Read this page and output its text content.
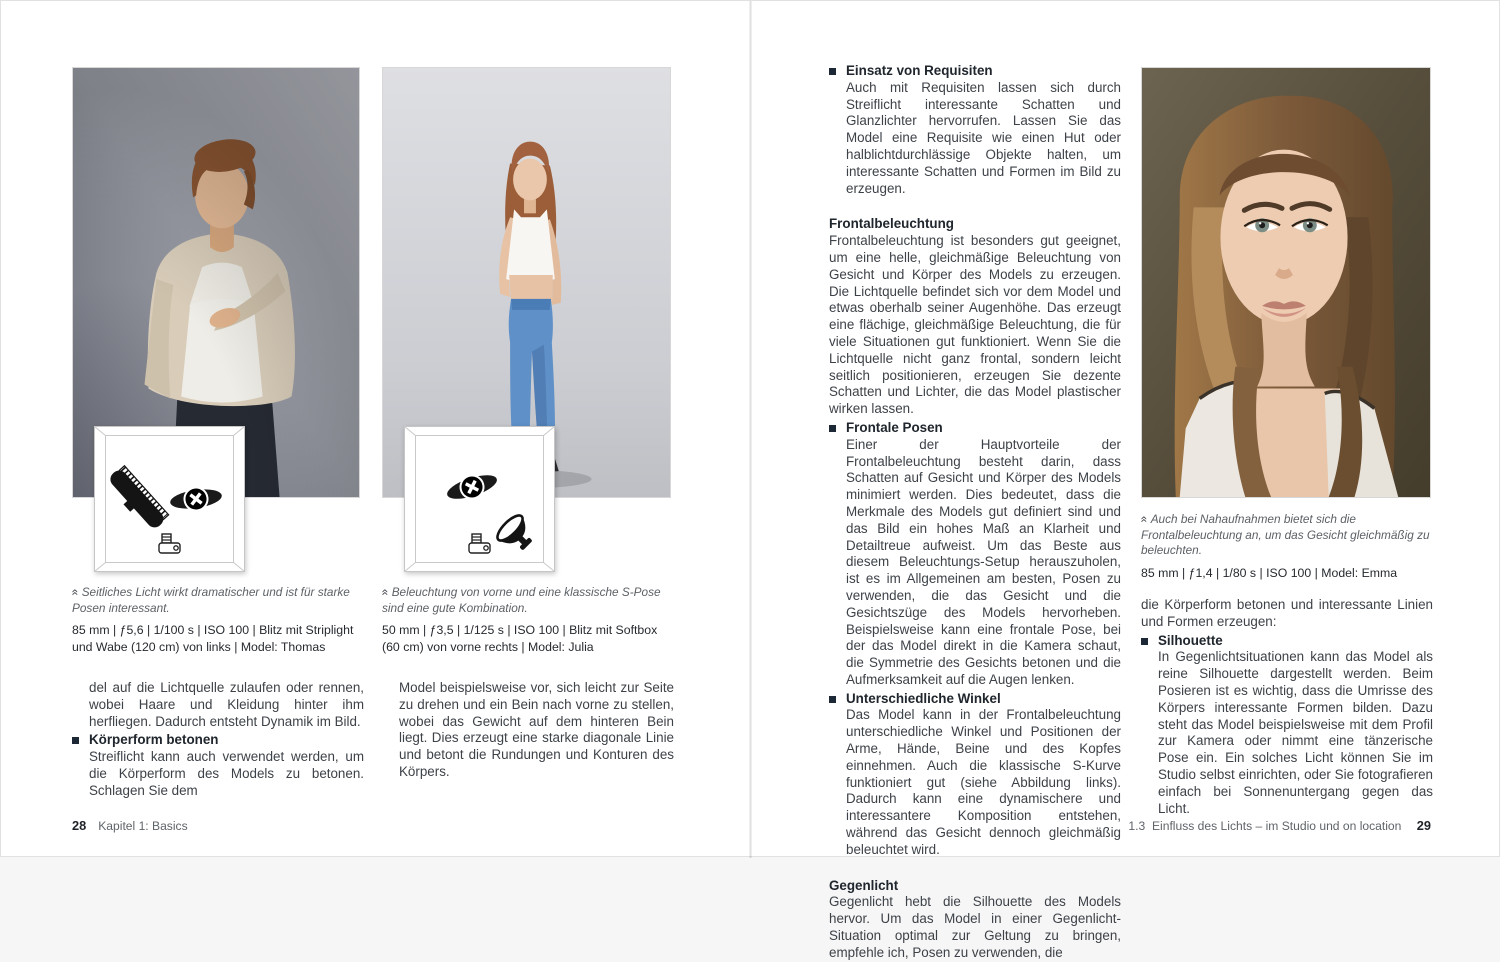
«Seitliches Licht wirkt dramatischer und ist für starke Posen interessant.
85 mm | ƒ5,6 | 1/100 s | ISO 100 | Blitz mit Striplight und Wabe (120 cm) von links | Model: Thomas
«Beleuchtung von vorne und eine klassische S-Pose sind eine gute Kombination.
50 mm | ƒ3,5 | 1/125 s | ISO 100 | Blitz mit Softbox (60 cm) von vorne rechts | Model: Julia
del auf die Lichtquelle zulaufen oder rennen, wobei Haare und Kleidung hinter ihm herfliegen. Dadurch entsteht Dynamik im Bild.
Körperform betonen
Streiflicht kann auch verwendet werden, um die Körperform des Models zu betonen. Schlagen Sie dem
Model beispielsweise vor, sich leicht zur Seite zu drehen und ein Bein nach vorne zu stellen, wobei das Gewicht auf dem hinteren Bein liegt. Dies erzeugt eine starke diagonale Linie und betont die Rundungen und Konturen des Körpers.
28 Kapitel 1: Basics
Einsatz von Requisiten
Auch mit Requisiten lassen sich durch Streiflicht interessante Schatten und Glanzlichter hervorrufen. Lassen Sie das Model eine Requisite wie einen Hut oder halblichtdurchlässige Objekte halten, um interessante Schatten und Formen im Bild zu erzeugen.
Frontalbeleuchtung
Frontalbeleuchtung ist besonders gut geeignet, um eine helle, gleichmäßige Beleuchtung von Gesicht und Körper des Models zu erzeugen. Die Lichtquelle befindet sich vor dem Model und etwas oberhalb seiner Augenhöhe. Das erzeugt eine flächige, gleichmäßige Beleuchtung, die für viele Situationen gut funktioniert. Wenn Sie die Lichtquelle nicht ganz frontal, sondern leicht seitlich positionieren, erzeugen Sie dezente Schatten und Lichter, die das Model plastischer wirken lassen.
Frontale Posen
Einer der Hauptvorteile der Frontalbeleuchtung besteht darin, dass Schatten auf Gesicht und Körper des Models minimiert werden. Dies bedeutet, dass die Merkmale des Models gut definiert sind und das Bild ein hohes Maß an Klarheit und Detailtreue aufweist. Um das Beste aus diesem Beleuchtungs-Setup herauszuholen, ist es im Allgemeinen am besten, Posen zu verwenden, die das Gesicht und die Gesichtszüge des Models hervorheben. Beispielsweise kann eine frontale Pose, bei der das Model direkt in die Kamera schaut, die Symmetrie des Gesichts betonen und die Aufmerksamkeit auf die Augen lenken.
Unterschiedliche Winkel
Das Model kann in der Frontalbeleuchtung unterschiedliche Winkel und Positionen der Arme, Hände, Beine und des Kopfes einnehmen. Auch die klassische S-Kurve funktioniert gut (siehe Abbildung links). Dadurch kann eine dynamischere und interessantere Komposition entstehen, während das Gesicht dennoch gleichmäßig beleuchtet wird.
Gegenlicht
Gegenlicht hebt die Silhouette des Models hervor. Um das Model in einer Gegenlicht-Situation optimal zur Geltung zu bringen, empfehle ich, Posen zu verwenden, die
«Auch bei Nahaufnahmen bietet sich die Frontalbeleuchtung an, um das Gesicht gleichmäßig zu beleuchten.
85 mm | ƒ1,4 | 1/80 s | ISO 100 | Model: Emma
die Körperform betonen und interessante Linien und Formen erzeugen:
Silhouette
In Gegenlichtsituationen kann das Model als reine Silhouette dargestellt werden. Beim Posieren ist es wichtig, dass die Umrisse des Körpers interessante Formen bilden. Dazu steht das Model beispielsweise mit dem Profil zur Kamera oder nimmt eine tänzerische Pose ein. Ein solches Licht können Sie im Studio selbst einrichten, oder Sie fotografieren einfach bei Sonnenuntergang gegen das Licht.
1.3 Einfluss des Lichts – im Studio und on location 29
